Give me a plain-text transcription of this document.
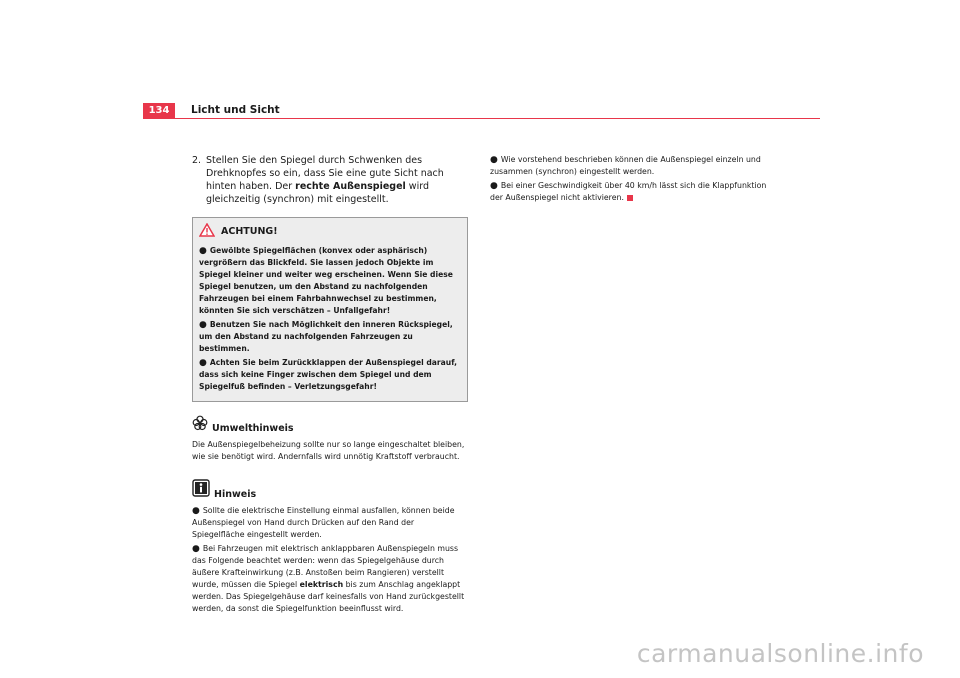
134	Licht und Sicht
2. Stellen Sie den Spiegel durch Schwenken des Drehknopfes so ein, dass Sie eine gute Sicht nach hinten haben. Der rechte Außenspiegel wird gleichzeitig (synchron) mit eingestellt.
ACHTUNG!
● Gewölbte Spiegelflächen (konvex oder asphärisch) vergrößern das Blickfeld. Sie lassen jedoch Objekte im Spiegel kleiner und weiter weg erscheinen. Wenn Sie diese Spiegel benutzen, um den Abstand zu nachfolgenden Fahrzeugen bei einem Fahrbahnwechsel zu bestimmen, könnten Sie sich verschätzen – Unfallgefahr!
● Benutzen Sie nach Möglichkeit den inneren Rückspiegel, um den Abstand zu nachfolgenden Fahrzeugen zu bestimmen.
● Achten Sie beim Zurückklappen der Außenspiegel darauf, dass sich keine Finger zwischen dem Spiegel und dem Spiegelfuß befinden – Verletzungsgefahr!
Umwelthinweis
Die Außenspiegelbeheizung sollte nur so lange eingeschaltet bleiben, wie sie benötigt wird. Andernfalls wird unnötig Kraftstoff verbraucht.
Hinweis
● Sollte die elektrische Einstellung einmal ausfallen, können beide Außenspiegel von Hand durch Drücken auf den Rand der Spiegelfläche eingestellt werden.
● Bei Fahrzeugen mit elektrisch anklappbaren Außenspiegeln muss das Folgende beachtet werden: wenn das Spiegelgehäuse durch äußere Krafteinwirkung (z.B. Anstoßen beim Rangieren) verstellt wurde, müssen die Spiegel elektrisch bis zum Anschlag angeklappt werden. Das Spiegelgehäuse darf keinesfalls von Hand zurückgestellt werden, da sonst die Spiegelfunktion beeinflusst wird.
● Wie vorstehend beschrieben können die Außenspiegel einzeln und zusammen (synchron) eingestellt werden.
● Bei einer Geschwindigkeit über 40 km/h lässt sich die Klappfunktion der Außenspiegel nicht aktivieren.
carmanualsonline.info
